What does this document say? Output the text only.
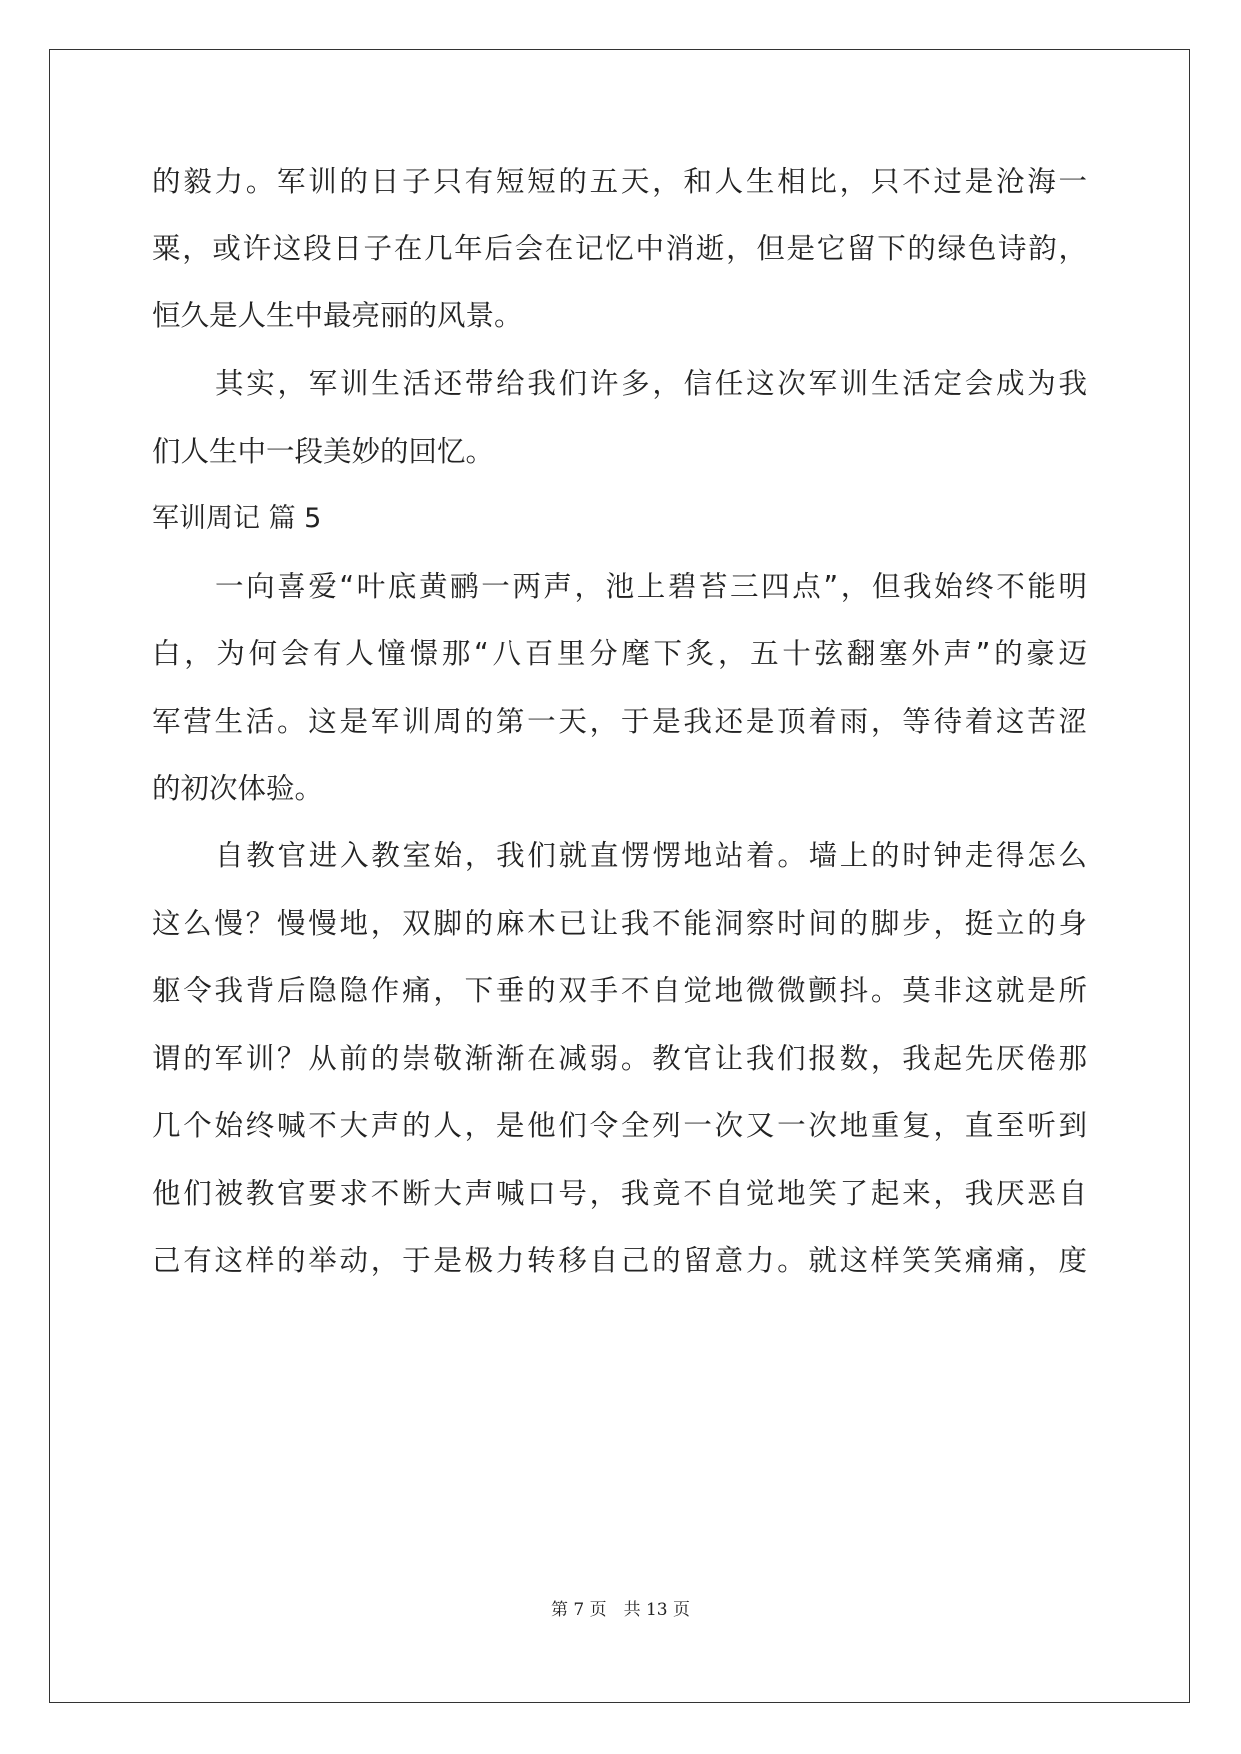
的毅力。军训的日子只有短短的五天，和人生相比，只不过是沧海一
粟，或许这段日子在几年后会在记忆中消逝，但是它留下的绿色诗韵，
恒久是人生中最亮丽的风景。
其实，军训生活还带给我们许多，信任这次军训生活定会成为我
们人生中一段美妙的回忆。
军训周记 篇 5
一向喜爱“叶底黄鹂一两声，池上碧苔三四点”，但我始终不能明
白，为何会有人憧憬那“八百里分麾下炙，五十弦翻塞外声”的豪迈
军营生活。这是军训周的第一天，于是我还是顶着雨，等待着这苦涩
的初次体验。
自教官进入教室始，我们就直愣愣地站着。墙上的时钟走得怎么
这么慢？慢慢地，双脚的麻木已让我不能洞察时间的脚步，挺立的身
躯令我背后隐隐作痛，下垂的双手不自觉地微微颤抖。莫非这就是所
谓的军训？从前的崇敬渐渐在减弱。教官让我们报数，我起先厌倦那
几个始终喊不大声的人，是他们令全列一次又一次地重复，直至听到
他们被教官要求不断大声喊口号，我竟不自觉地笑了起来，我厌恶自
己有这样的举动，于是极力转移自己的留意力。就这样笑笑痛痛，度
第 7 页　共 13 页
